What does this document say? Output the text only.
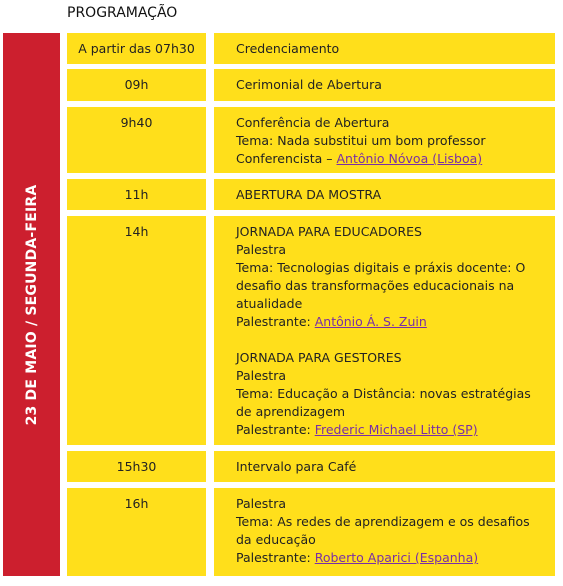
PROGRAMAÇÃO
23 DE MAIO / SEGUNDA-FEIRA
A partir das 07h30	Credenciamento
09h	Cerimonial de Abertura
9h40	Conferência de Abertura
Tema: Nada substitui um bom professor
Conferencista – Antônio Nóvoa (Lisboa)
11h	ABERTURA DA MOSTRA
14h	JORNADA PARA EDUCADORES
Palestra
Tema: Tecnologias digitais e práxis docente: O
desafio das transformações educacionais na
atualidade
Palestrante: Antônio Á. S. Zuin
JORNADA PARA GESTORES
Palestra
Tema: Educação a Distância: novas estratégias
de aprendizagem
Palestrante: Frederic Michael Litto (SP)
15h30	Intervalo para Café
16h	Palestra
Tema: As redes de aprendizagem e os desafios
da educação
Palestrante: Roberto Aparici (Espanha)
